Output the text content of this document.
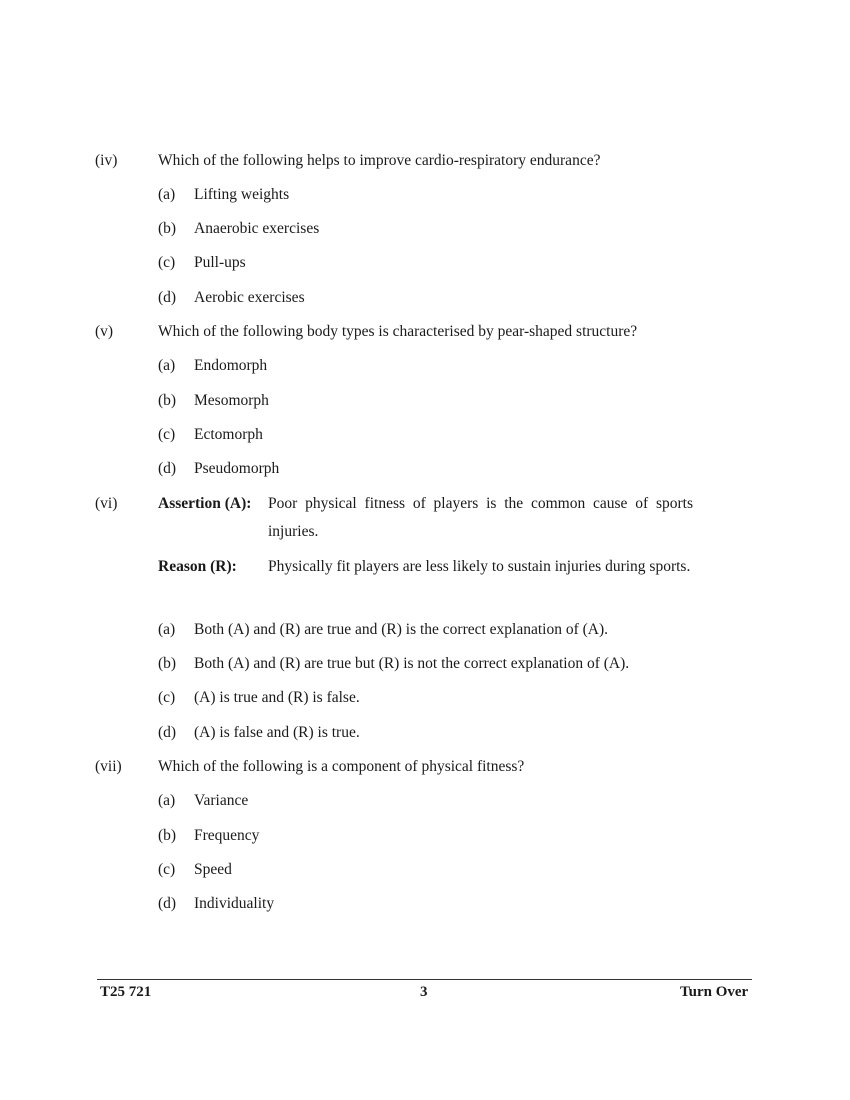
(iv)	Which of the following helps to improve cardio-respiratory endurance?
(a) Lifting weights
(b) Anaerobic exercises
(c) Pull-ups
(d) Aerobic exercises
(v)	Which of the following body types is characterised by pear-shaped structure?
(a) Endomorph
(b) Mesomorph
(c) Ectomorph
(d) Pseudomorph
(vi)	Assertion (A): Poor physical fitness of players is the common cause of sports injuries.
Reason (R): Physically fit players are less likely to sustain injuries during sports.
(a) Both (A) and (R) are true and (R) is the correct explanation of (A).
(b) Both (A) and (R) are true but (R) is not the correct explanation of (A).
(c) (A) is true and (R) is false.
(d) (A) is false and (R) is true.
(vii) Which of the following is a component of physical fitness?
(a) Variance
(b) Frequency
(c) Speed
(d) Individuality
T25 721	3	Turn Over
